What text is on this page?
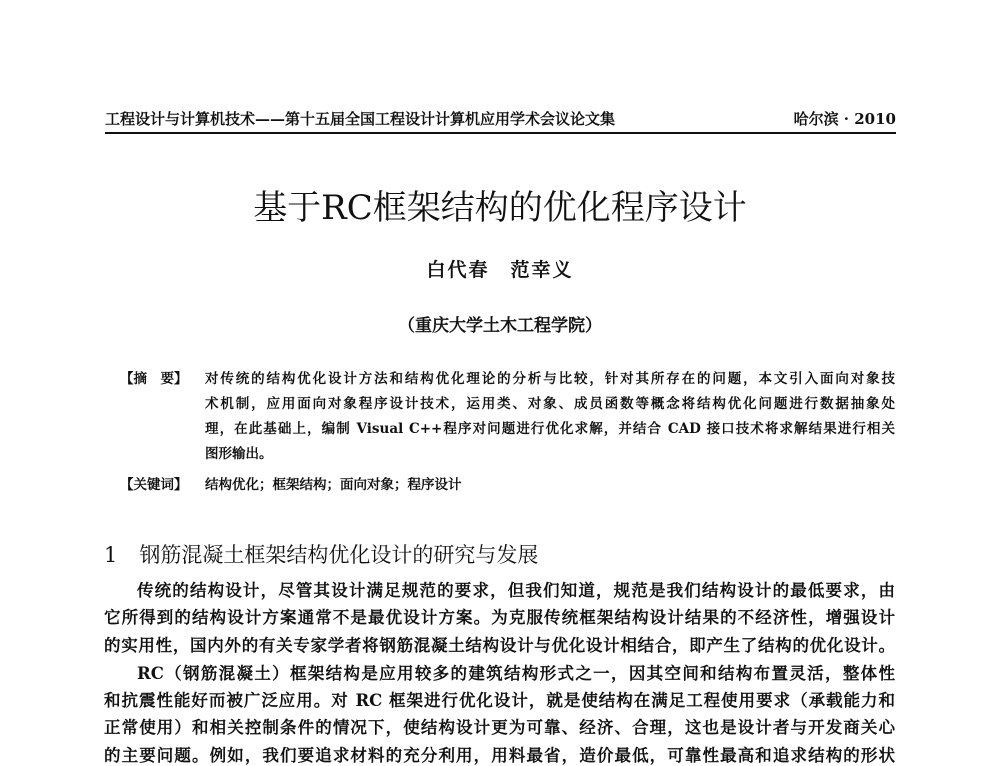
工程设计与计算机技术——第十五届全国工程设计计算机应用学术会议论文集	哈尔滨 · 2010
基于RC框架结构的优化程序设计
白代春　范幸义
（重庆大学土木工程学院）
【摘　要】 对传统的结构优化设计方法和结构优化理论的分析与比较，针对其所存在的问题，本文引入面向对象技
术机制，应用面向对象程序设计技术，运用类、对象、成员函数等概念将结构优化问题进行数据抽象处
理，在此基础上，编制 Visual C++程序对问题进行优化求解，并结合 CAD 接口技术将求解结果进行相关
图形输出。
【关键词】 结构优化；框架结构；面向对象；程序设计
1 钢筋混凝土框架结构优化设计的研究与发展
传统的结构设计，尽管其设计满足规范的要求，但我们知道，规范是我们结构设计的最低要求，由
它所得到的结构设计方案通常不是最优设计方案。为克服传统框架结构设计结果的不经济性，增强设计
的实用性，国内外的有关专家学者将钢筋混凝土结构设计与优化设计相结合，即产生了结构的优化设计。
RC（钢筋混凝土）框架结构是应用较多的建筑结构形式之一，因其空间和结构布置灵活，整体性
和抗震性能好而被广泛应用。对 RC 框架进行优化设计，就是使结构在满足工程使用要求（承载能力和
正常使用）和相关控制条件的情况下，使结构设计更为可靠、经济、合理，这也是设计者与开发商关心
的主要问题。例如，我们要追求材料的充分利用，用料最省，造价最低，可靠性最高和追求结构的形状
